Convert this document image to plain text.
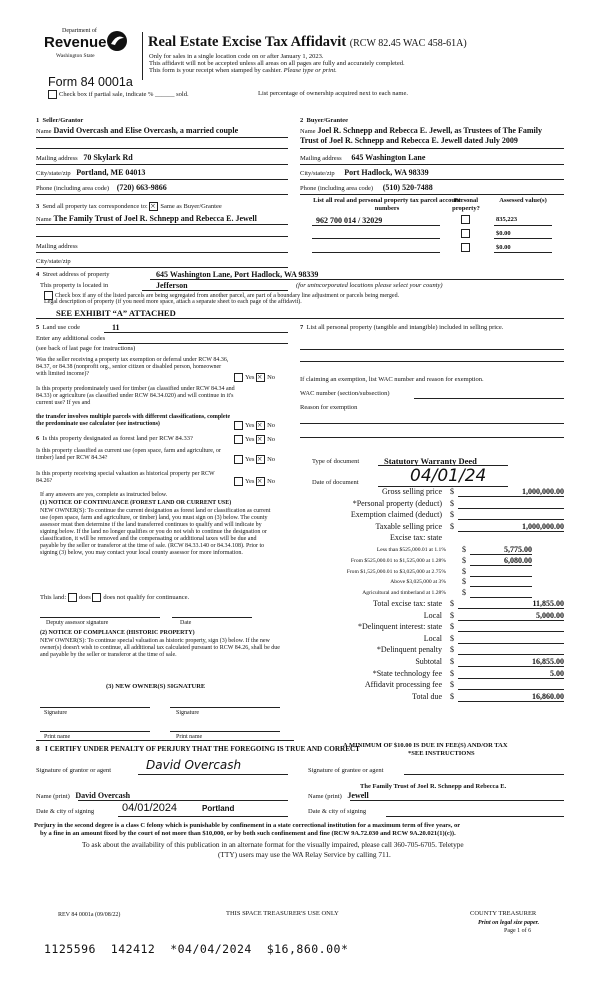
Department of
Revenue
Washington State
Real Estate Excise Tax Affidavit (RCW 82.45 WAC 458-61A)
Only for sales in a single location code on or after January 1, 2023.
This affidavit will not be accepted unless all areas on all pages are fully and accurately completed.
This form is your receipt when stamped by cashier. Please type or print.
Form 84 0001a
Check box if partial sale, indicate % ______ sold.	List percentage of ownership acquired next to each name.
1 Seller/Grantor
Name David Overcash and Elise Overcash, a married couple
Mailing address 70 Skylark Rd
City/state/zip Portland, ME 04013
Phone (including area code) (720) 663-9866
2 Buyer/Grantee
Name Joel R. Schnepp and Rebecca E. Jewell, as Trustees of The Family
Trust of Joel R. Schnepp and Rebecca E. Jewell dated July 2009
Mailing address 645 Washington Lane
City/state/zip Port Hadlock, WA 98339
Phone (including area code) (510) 520-7488
3 Send all property tax correspondence to: × Same as Buyer/Grantee
Name The Family Trust of Joel R. Schnepp and Rebecca E. Jewell
Mailing address
City/state/zip
List all real and personal property tax parcel account numbers
Personal property?
Assessed value(s)
962 700 014 / 32029	835,223
$0.00
$0.00
4 Street address of property	645 Washington Lane, Port Hadlock, WA 98339
This property is located in	Jefferson	(for unincorporated locations please select your county)
Check box if any of the listed parcels are being segregated from another parcel, are part of a boundary line adjustment or parcels being merged.
Legal description of property (if you need more space, attach a separate sheet to each page of the affidavit).
SEE EXHIBIT “A” ATTACHED
5 Land use code	11
Enter any additional codes
(see back of last page for instructions)
Was the seller receiving a property tax exemption or deferral under RCW 84.36, 84.37, or 84.38 (nonprofit org., senior citizen or disabled person, homeowner with limited income)?	Yes × No
Is this property predominately used for timber (as classified under RCW 84.34 and 84.33) or agriculture (as classified under RCW 84.34.020) and will continue in it's current use? If yes and
the transfer involves multiple parcels with different classifications, complete the predominate use calculator (see instructions)	Yes × No
6 Is this property designated as forest land per RCW 84.33?	Yes × No
Is this property classified as current use (open space, farm and agriculture, or timber) land per RCW 84.34?	Yes × No
Is this property receiving special valuation as historical property per RCW 84.26?	Yes × No
If any answers are yes, complete as instructed below.
(1) NOTICE OF CONTINUANCE (FOREST LAND OR CURRENT USE)
NEW OWNER(S): To continue the current designation as forest land or classification as current use (open space, farm and agriculture, or timber) land, you must sign on (3) below. The county assessor must then determine if the land transferred continues to qualify and will indicate by signing below. If the land no longer qualifies or you do not wish to continue the designation or classification, it will be removed and the compensating or additional taxes will be due and payable by the seller or transferor at the time of sale. (RCW 84.33.140 or 84.34.108). Prior to signing (3) below, you may contact your local county assessor for more information.
This land: does does not qualify for continuance.
Deputy assessor signature	Date
(2) NOTICE OF COMPLIANCE (HISTORIC PROPERTY)
NEW OWNER(S): To continue special valuation as historic property, sign (3) below. If the new owner(s) doesn't wish to continue, all additional tax calculated pursuant to RCW 84.26, shall be due and payable by the seller or transferor at the time of sale.
(3) NEW OWNER(S) SIGNATURE
Signature	Signature
Print name	Print name
7 List all personal property (tangible and intangible) included in selling price.
If claiming an exemption, list WAC number and reason for exemption.
WAC number (section/subsection)
Reason for exemption
Type of document	Statutory Warranty Deed
Date of document	04/01/24
Gross selling price $	1,000,000.00
*Personal property (deduct) $
Exemption claimed (deduct) $
Taxable selling price $	1,000,000.00
Excise tax: state
Less than $525,000.01 at 1.1% $	5,775.00
From $525,000.01 to $1,525,000 at 1.28% $	6,080.00
From $1,525,000.01 to $3,025,000 at 2.75% $
Above $3,025,000 at 3% $
Agricultural and timberland at 1.28% $
Total excise tax: state $	11,855.00
Local $	5,000.00
*Delinquent interest: state $
Local $
*Delinquent penalty $
Subtotal $	16,855.00
*State technology fee $	5.00
Affidavit processing fee $
Total due $	16,860.00
A MINIMUM OF $10.00 IS DUE IN FEE(S) AND/OR TAX
*SEE INSTRUCTIONS
8 I CERTIFY UNDER PENALTY OF PERJURY THAT THE FOREGOING IS TRUE AND CORRECT
Signature of grantor or agent	David Overcash	Signature of grantee or agent
Name (print) David Overcash
The Family Trust of Joel R. Schnepp and Rebecca E.
Name (print) Jewell
Date & city of signing	04/01/2024	Portland	Date & city of signing
Perjury in the second degree is a class C felony which is punishable by confinement in a state correctional institution for a maximum term of five years, or
by a fine in an amount fixed by the court of not more than $10,000, or by both such confinement and fine (RCW 9A.72.030 and RCW 9A.20.021(1)(c)).
To ask about the availability of this publication in an alternate format for the visually impaired, please call 360-705-6705. Teletype
(TTY) users may use the WA Relay Service by calling 711.
REV 84 0001a (09/08/22)	THIS SPACE TREASURER'S USE ONLY	COUNTY TREASURER
Print on legal size paper.
Page 1 of 6
1125596  142412  *04/04/2024  $16,860.00*
